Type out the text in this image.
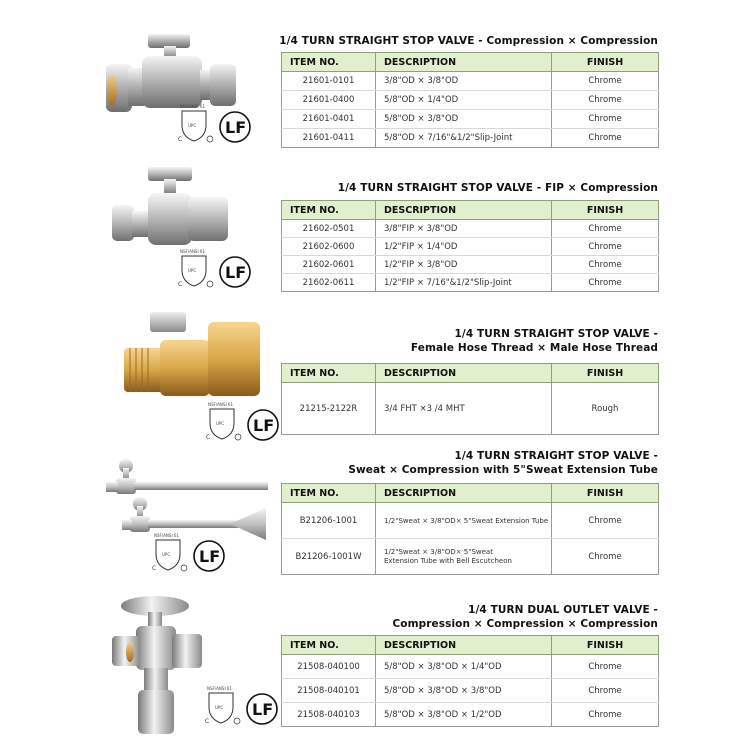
NSF/ANSI 61
UPC
C
LF
1/4 TURN STRAIGHT STOP VALVE - Compression × Compression
ITEM NO.	DESCRIPTION	FINISH
21601-0101	3/8"OD × 3/8"OD	Chrome
21601-0400	5/8"OD × 1/4"OD	Chrome
21601-0401	5/8"OD × 3/8"OD	Chrome
21601-0411	5/8"OD × 7/16"&1/2"Slip-Joint	Chrome
NSF/ANSI 61
UPC
C
LF
1/4 TURN STRAIGHT STOP VALVE - FIP × Compression
ITEM NO.	DESCRIPTION	FINISH
21602-0501	3/8"FIP × 3/8"OD	Chrome
21602-0600	1/2"FIP × 1/4"OD	Chrome
21602-0601	1/2"FIP × 3/8"OD	Chrome
21602-0611	1/2"FIP × 7/16"&1/2"Slip-Joint	Chrome
NSF/ANSI 61
UPC
C
LF
1/4 TURN STRAIGHT STOP VALVE -
Female Hose Thread × Male Hose Thread
ITEM NO.	DESCRIPTION	FINISH
21215-2122R	3/4 FHT ×3 /4 MHT	Rough
NSF/ANSI 61
UPC
C
LF
1/4 TURN STRAIGHT STOP VALVE -
Sweat × Compression with 5"Sweat Extension Tube
ITEM NO.	DESCRIPTION	FINISH
B21206-1001	1/2"Sweat × 3/8"OD× 5"Sweat Extension Tube	Chrome
B21206-1001W	1/2"Sweat × 3/8"OD× 5"Sweat Extension Tube with Bell Escutcheon	Chrome
NSF/ANSI 61
UPC
C
LF
1/4 TURN DUAL OUTLET VALVE -
Compression × Compression × Compression
ITEM NO.	DESCRIPTION	FINISH
21508-040100	5/8"OD × 3/8"OD × 1/4"OD	Chrome
21508-040101	5/8"OD × 3/8"OD × 3/8"OD	Chrome
21508-040103	5/8"OD × 3/8"OD × 1/2"OD	Chrome
